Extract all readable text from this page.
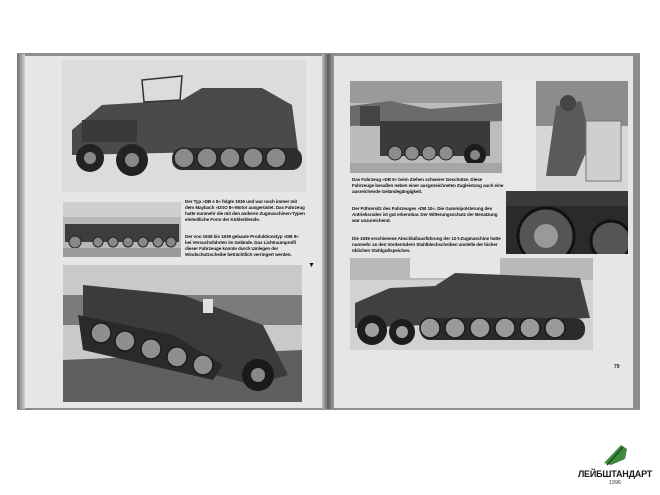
Der Typ »DB s 8« folgte 1936 und war noch immer mit dem Maybach »DSO 8«-Motor ausgerüstet. Das Fahrzeug hatte nunmehr die mit den anderen Zugmaschinen-Typen einheitliche Form der Kühlerblende.

Der von 1938 bis 1939 gebaute Produktionstyp »DB 9« bei Versuchsfahrten im Gelände. Das Lichtraumprofil dieser Fahrzeuge konnte durch Umlegen der Windschutzscheibe beträchtlich verringert werden.

▼

Das Fahrzeug »DB 9« beim Ziehen schwerer Geschütze. Diese Fahrzeuge besaßen neben einer ausgezeichneten Zugleistung auch eine ausreichende Geländegängigkeit.

Der Führersitz des Fahrzeuges »DB 10«. Die Gummipolsterung des Antriebsrades ist gut erkennbar. Der Witterungsschutz der Besatzung war unzureichend.

Die 1939 erschienene Abschlußausführung der 12-t-Zugmaschine hatte nunmehr an den Vorderrädern Stahlblechscheiben anstelle der bisher üblichen Stahlgußspeichen.

79
ЛЕЙБШТАНДАРТ
1996
